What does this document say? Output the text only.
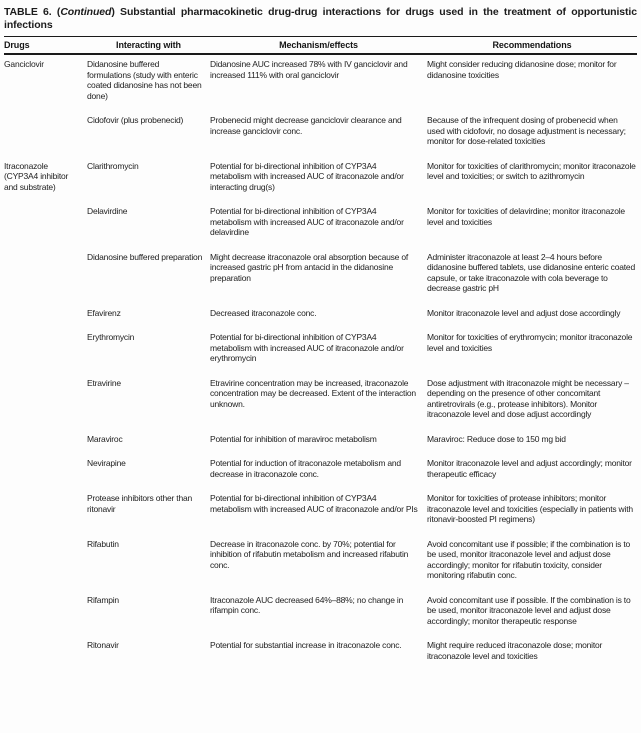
TABLE 6. (Continued) Substantial pharmacokinetic drug-drug interactions for drugs used in the treatment of opportunistic infections

Drugs	Interacting with	Mechanism/effects	Recommendations
Ganciclovir	Didanosine buffered formulations (study with enteric coated didanosine has not been done)	Didanosine AUC increased 78% with IV ganciclovir and increased 111% with oral ganciclovir	Might consider reducing didanosine dose; monitor for didanosine toxicities
	Cidofovir (plus probenecid)	Probenecid might decrease ganciclovir clearance and increase ganciclovir conc.	Because of the infrequent dosing of probenecid when used with cidofovir, no dosage adjustment is necessary; monitor for dose-related toxicities
Itraconazole (CYP3A4 inhibitor and substrate)	Clarithromycin	Potential for bi-directional inhibition of CYP3A4 metabolism with increased AUC of itraconazole and/or interacting drug(s)	Monitor for toxicities of clarithromycin; monitor itraconazole level and toxicities; or switch to azithromycin
	Delavirdine	Potential for bi-directional inhibition of CYP3A4 metabolism with increased AUC of itraconazole and/or delavirdine	Monitor for toxicities of delavirdine; monitor itraconazole level and toxicities
	Didanosine buffered preparation	Might decrease itraconazole oral absorption because of increased gastric pH from antacid in the didanosine preparation	Administer itraconazole at least 2–4 hours before didanosine buffered tablets, use didanosine enteric coated capsule, or take itraconazole with cola beverage to decrease gastric pH
	Efavirenz	Decreased itraconazole conc.	Monitor itraconazole level and adjust dose accordingly
	Erythromycin	Potential for bi-directional inhibition of CYP3A4 metabolism with increased AUC of itraconazole and/or erythromycin	Monitor for toxicities of erythromycin; monitor itraconazole level and toxicities
	Etravirine	Etravirine concentration may be increased, itraconazole concentration may be decreased. Extent of the interaction unknown.	Dose adjustment with itraconazole might be necessary – depending on the presence of other concomitant antiretrovirals (e.g., protease inhibitors). Monitor itraconazole level and dose adjust accordingly
	Maraviroc	Potential for inhibition of maraviroc metabolism	Maraviroc: Reduce dose to 150 mg bid
	Nevirapine	Potential for induction of itraconazole metabolism and decrease in itraconazole conc.	Monitor itraconazole level and adjust accordingly; monitor therapeutic efficacy
	Protease inhibitors other than ritonavir	Potential for bi-directional inhibition of CYP3A4 metabolism with increased AUC of itraconazole and/or PIs	Monitor for toxicities of protease inhibitors; monitor itraconazole level and toxicities (especially in patients with ritonavir-boosted PI regimens)
	Rifabutin	Decrease in itraconazole conc. by 70%; potential for inhibition of rifabutin metabolism and increased rifabutin conc.	Avoid concomitant use if possible; if the combination is to be used, monitor itraconazole level and adjust dose accordingly; monitor for rifabutin toxicity, consider monitoring rifabutin conc.
	Rifampin	Itraconazole AUC decreased 64%–88%; no change in rifampin conc.	Avoid concomitant use if possible. If the combination is to be used, monitor itraconazole level and adjust dose accordingly; monitor therapeutic response
	Ritonavir	Potential for substantial increase in itraconazole conc.	Might require reduced itraconazole dose; monitor itraconazole level and toxicities
